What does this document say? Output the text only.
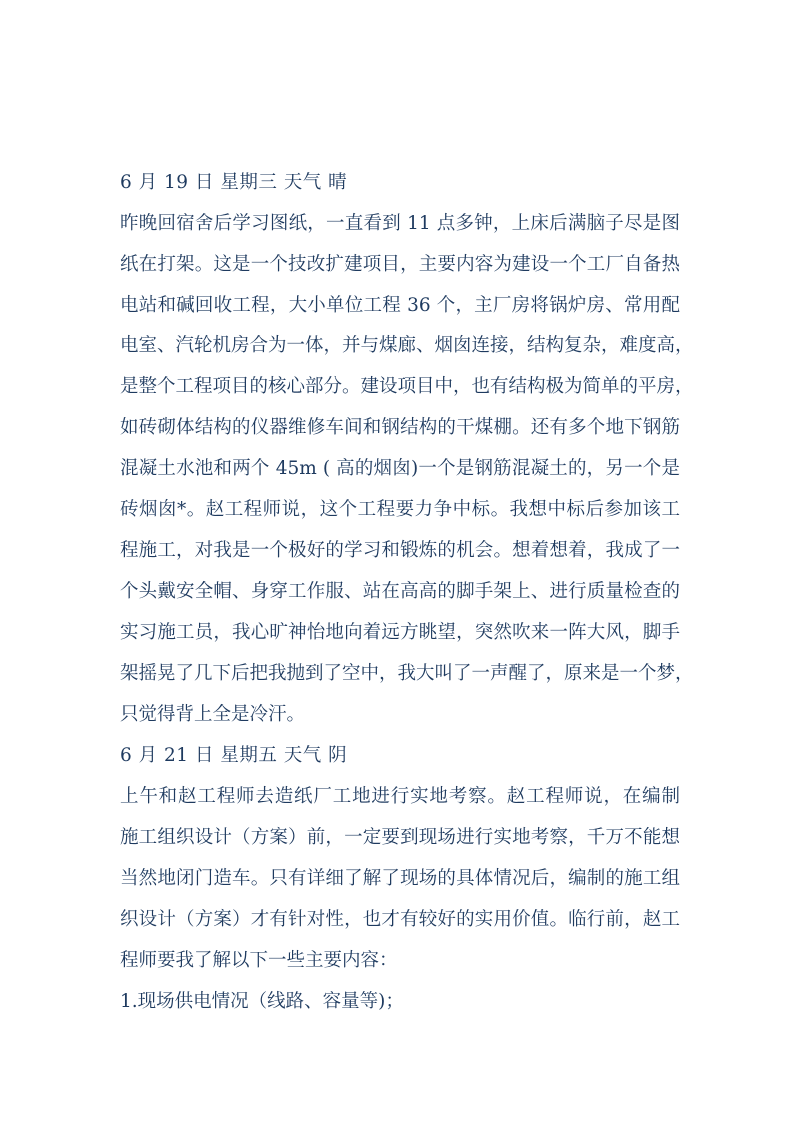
6 月 19 日 星期三 天气 晴
昨晚回宿舍后学习图纸，一直看到 11 点多钟，上床后满脑子尽是图
纸在打架。这是一个技改扩建项目，主要内容为建设一个工厂自备热
电站和碱回收工程，大小单位工程 36 个，主厂房将锅炉房、常用配
电室、汽轮机房合为一体，并与煤廊、烟囱连接，结构复杂，难度高，
是整个工程项目的核心部分。建设项目中，也有结构极为简单的平房，
如砖砌体结构的仪器维修车间和钢结构的干煤棚。还有多个地下钢筋
混凝土水池和两个 45m ( 高的烟囱)一个是钢筋混凝土的，另一个是
砖烟囱*。赵工程师说，这个工程要力争中标。我想中标后参加该工
程施工，对我是一个极好的学习和锻炼的机会。想着想着，我成了一
个头戴安全帽、身穿工作服、站在高高的脚手架上、进行质量检查的
实习施工员，我心旷神怡地向着远方眺望，突然吹来一阵大风，脚手
架摇晃了几下后把我抛到了空中，我大叫了一声醒了，原来是一个梦，
只觉得背上全是冷汗。
6 月 21 日 星期五 天气 阴
上午和赵工程师去造纸厂工地进行实地考察。赵工程师说，在编制
施工组织设计（方案）前，一定要到现场进行实地考察，千万不能想
当然地闭门造车。只有详细了解了现场的具体情况后，编制的施工组
织设计（方案）才有针对性，也才有较好的实用价值。临行前，赵工
程师要我了解以下一些主要内容：
1.现场供电情况（线路、容量等)；
